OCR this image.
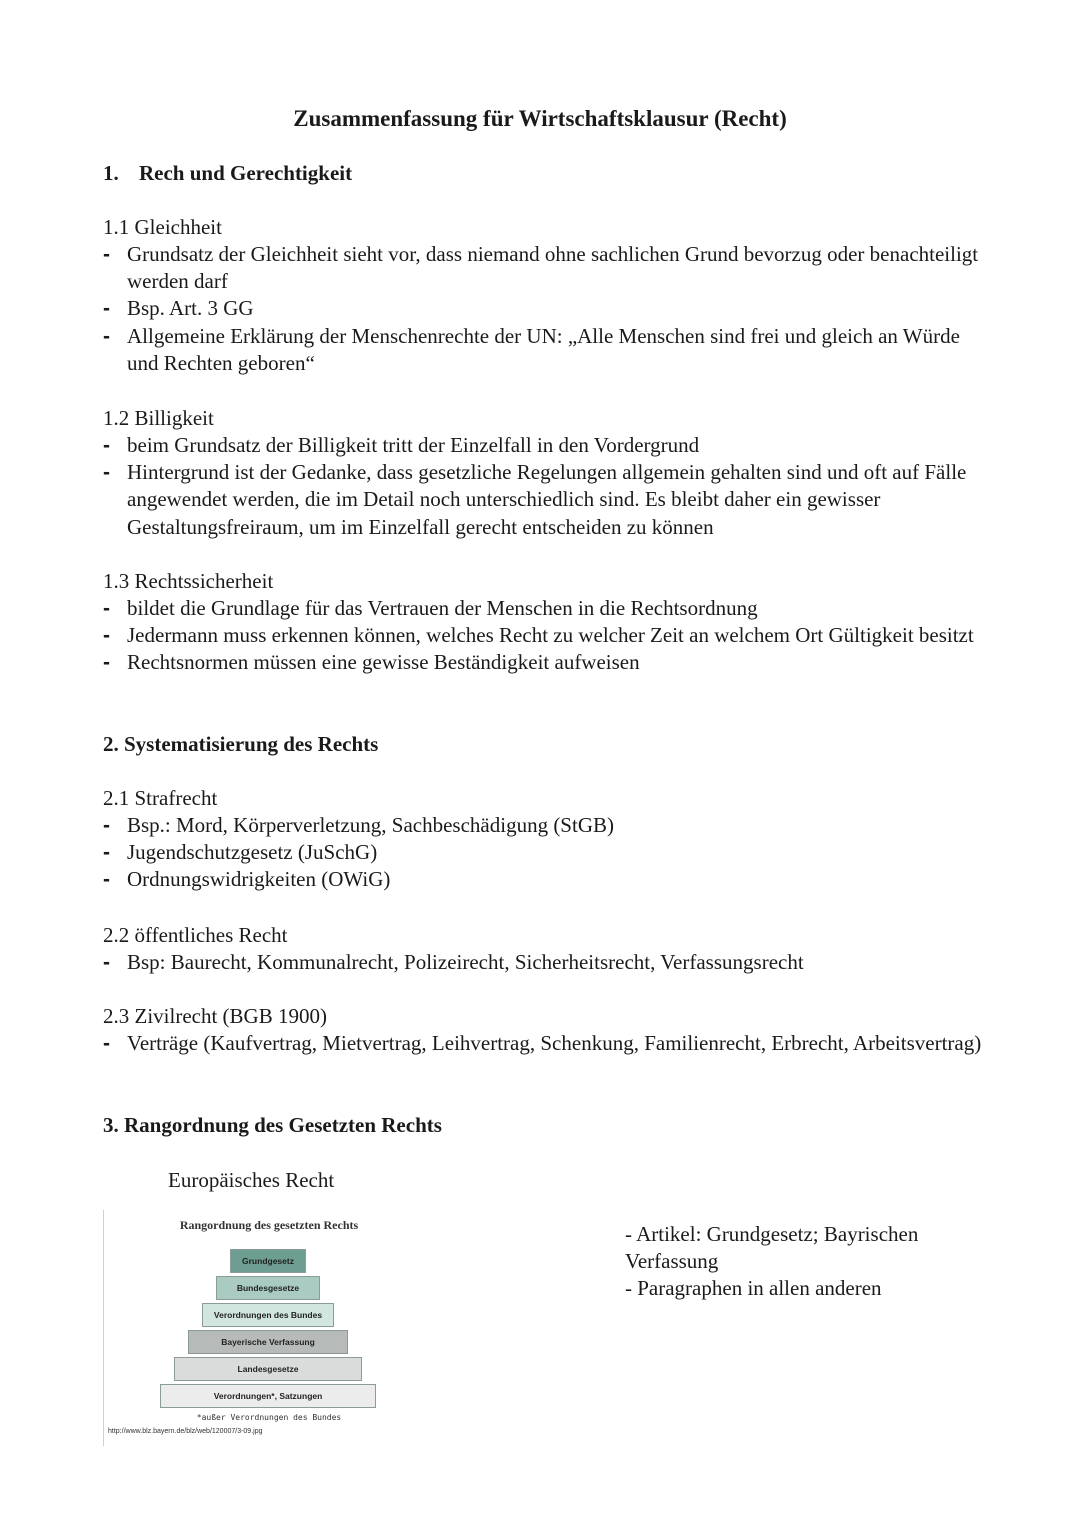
Zusammenfassung für Wirtschaftsklausur (Recht)
1. Rech und Gerechtigkeit
1.1 Gleichheit
- Grundsatz der Gleichheit sieht vor, dass niemand ohne sachlichen Grund bevorzug oder benachteiligt werden darf
- Bsp. Art. 3 GG
- Allgemeine Erklärung der Menschenrechte der UN: „Alle Menschen sind frei und gleich an Würde und Rechten geboren“
1.2 Billigkeit
- beim Grundsatz der Billigkeit tritt der Einzelfall in den Vordergrund
- Hintergrund ist der Gedanke, dass gesetzliche Regelungen allgemein gehalten sind und oft auf Fälle angewendet werden, die im Detail noch unterschiedlich sind. Es bleibt daher ein gewisser Gestaltungsfreiraum, um im Einzelfall gerecht entscheiden zu können
1.3 Rechtssicherheit
- bildet die Grundlage für das Vertrauen der Menschen in die Rechtsordnung
- Jedermann muss erkennen können, welches Recht zu welcher Zeit an welchem Ort Gültigkeit besitzt
- Rechtsnormen müssen eine gewisse Beständigkeit aufweisen
2. Systematisierung des Rechts
2.1 Strafrecht
- Bsp.: Mord, Körperverletzung, Sachbeschädigung (StGB)
- Jugendschutzgesetz (JuSchG)
- Ordnungswidrigkeiten (OWiG)
2.2 öffentliches Recht
- Bsp: Baurecht, Kommunalrecht, Polizeirecht, Sicherheitsrecht, Verfassungsrecht
2.3 Zivilrecht (BGB 1900)
- Verträge (Kaufvertrag, Mietvertrag, Leihvertrag, Schenkung, Familienrecht, Erbrecht, Arbeitsvertrag)
3. Rangordnung des Gesetzten Rechts
Europäisches Recht
Rangordnung des gesetzten Rechts
Grundgesetz
Bundesgesetze
Verordnungen des Bundes
Bayerische Verfassung
Landesgesetze
Verordnungen*, Satzungen
*außer Verordnungen des Bundes
http://www.blz.bayern.de/blz/web/120007/3-09.jpg
- Artikel: Grundgesetz; Bayrischen Verfassung
- Paragraphen in allen anderen
